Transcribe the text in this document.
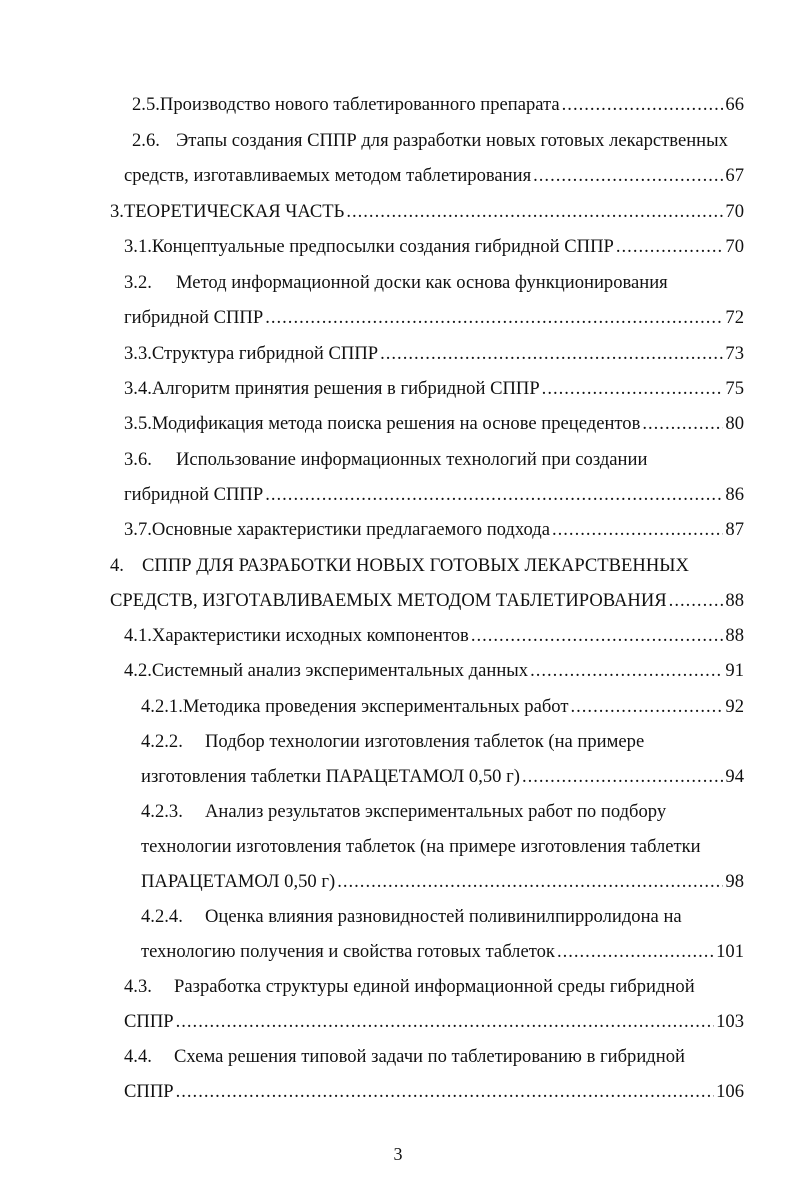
2.5. Производство нового таблетированного препарата .....	66
2.6. Этапы создания СППР для разработки новых готовых лекарственных
средств, изготавливаемых методом таблетирования .....	67
3. ТЕОРЕТИЧЕСКАЯ ЧАСТЬ .....	70
3.1. Концептуальные предпосылки создания гибридной СППР .....	70
3.2.	Метод информационной доски как основа функционирования
гибридной СППР .....	72
3.3. Структура гибридной СППР .....	73
3.4. Алгоритм принятия решения в гибридной СППР .....	75
3.5. Модификация метода поиска решения на основе прецедентов .....	80
3.6.	Использование информационных технологий при создании
гибридной СППР .....	86
3.7. Основные характеристики предлагаемого подхода .....	87
4. СППР ДЛЯ РАЗРАБОТКИ НОВЫХ ГОТОВЫХ ЛЕКАРСТВЕННЫХ
СРЕДСТВ, ИЗГОТАВЛИВАЕМЫХ МЕТОДОМ ТАБЛЕТИРОВАНИЯ .....	88
4.1. Характеристики исходных компонентов .....	88
4.2. Системный анализ экспериментальных данных .....	91
4.2.1. Методика проведения экспериментальных работ .....	92
4.2.2.	Подбор технологии изготовления таблеток (на примере
изготовления таблетки ПАРАЦЕТАМОЛ 0,50 г) .....	94
4.2.3.	Анализ результатов экспериментальных работ по подбору
технологии изготовления таблеток (на примере изготовления таблетки
ПАРАЦЕТАМОЛ 0,50 г) .....	98
4.2.4.	Оценка влияния разновидностей поливинилпирролидона на
технологию получения и свойства готовых таблеток .....	101
4.3.	Разработка структуры единой информационной среды гибридной
СППР .....	103
4.4.	Схема решения типовой задачи по таблетированию в гибридной
СППР .....	106
3
